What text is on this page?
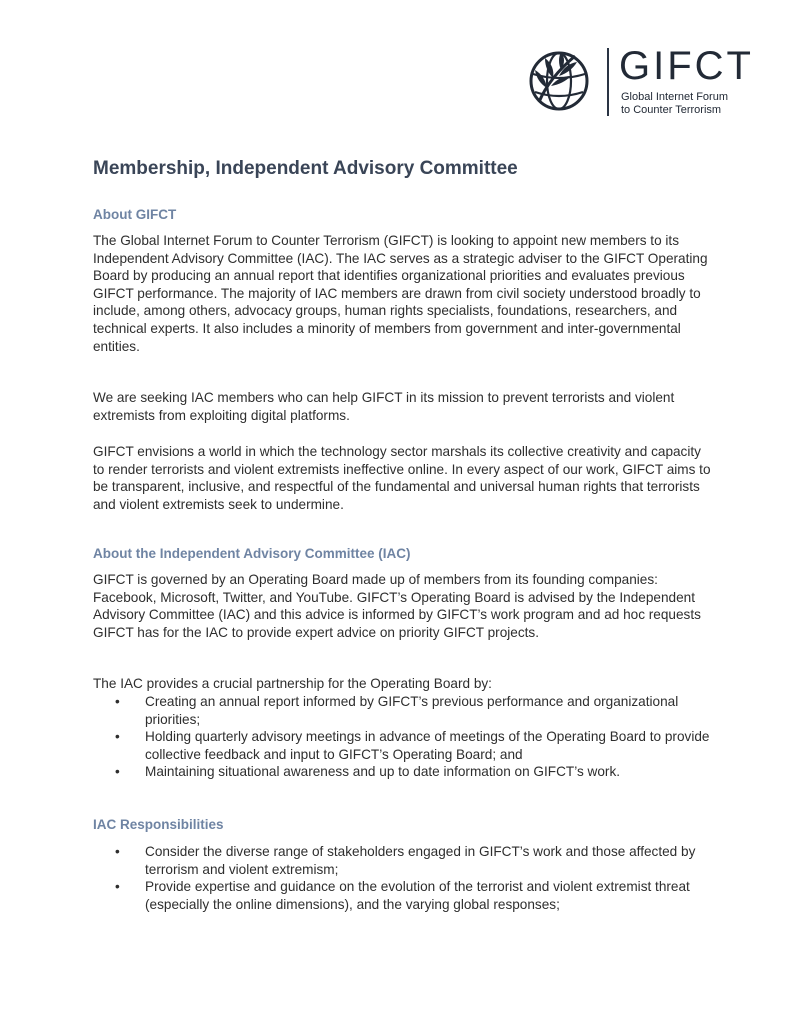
GIFCT
Global Internet Forum
to Counter Terrorism
Membership, Independent Advisory Committee
About GIFCT

The Global Internet Forum to Counter Terrorism (GIFCT) is looking to appoint new members to its Independent Advisory Committee (IAC). The IAC serves as a strategic adviser to the GIFCT Operating Board by producing an annual report that identifies organizational priorities and evaluates previous GIFCT performance. The majority of IAC members are drawn from civil society understood broadly to include, among others, advocacy groups, human rights specialists, foundations, researchers, and technical experts. It also includes a minority of members from government and inter-governmental entities.

We are seeking IAC members who can help GIFCT in its mission to prevent terrorists and violent extremists from exploiting digital platforms.

GIFCT envisions a world in which the technology sector marshals its collective creativity and capacity to render terrorists and violent extremists ineffective online. In every aspect of our work, GIFCT aims to be transparent, inclusive, and respectful of the fundamental and universal human rights that terrorists and violent extremists seek to undermine.

About the Independent Advisory Committee (IAC)

GIFCT is governed by an Operating Board made up of members from its founding companies: Facebook, Microsoft, Twitter, and YouTube. GIFCT’s Operating Board is advised by the Independent Advisory Committee (IAC) and this advice is informed by GIFCT’s work program and ad hoc requests GIFCT has for the IAC to provide expert advice on priority GIFCT projects.

The IAC provides a crucial partnership for the Operating Board by:

• Creating an annual report informed by GIFCT’s previous performance and organizational priorities;
• Holding quarterly advisory meetings in advance of meetings of the Operating Board to provide collective feedback and input to GIFCT’s Operating Board; and
• Maintaining situational awareness and up to date information on GIFCT’s work.
IAC Responsibilities
• Consider the diverse range of stakeholders engaged in GIFCT’s work and those affected by terrorism and violent extremism;
• Provide expertise and guidance on the evolution of the terrorist and violent extremist threat (especially the online dimensions), and the varying global responses;
